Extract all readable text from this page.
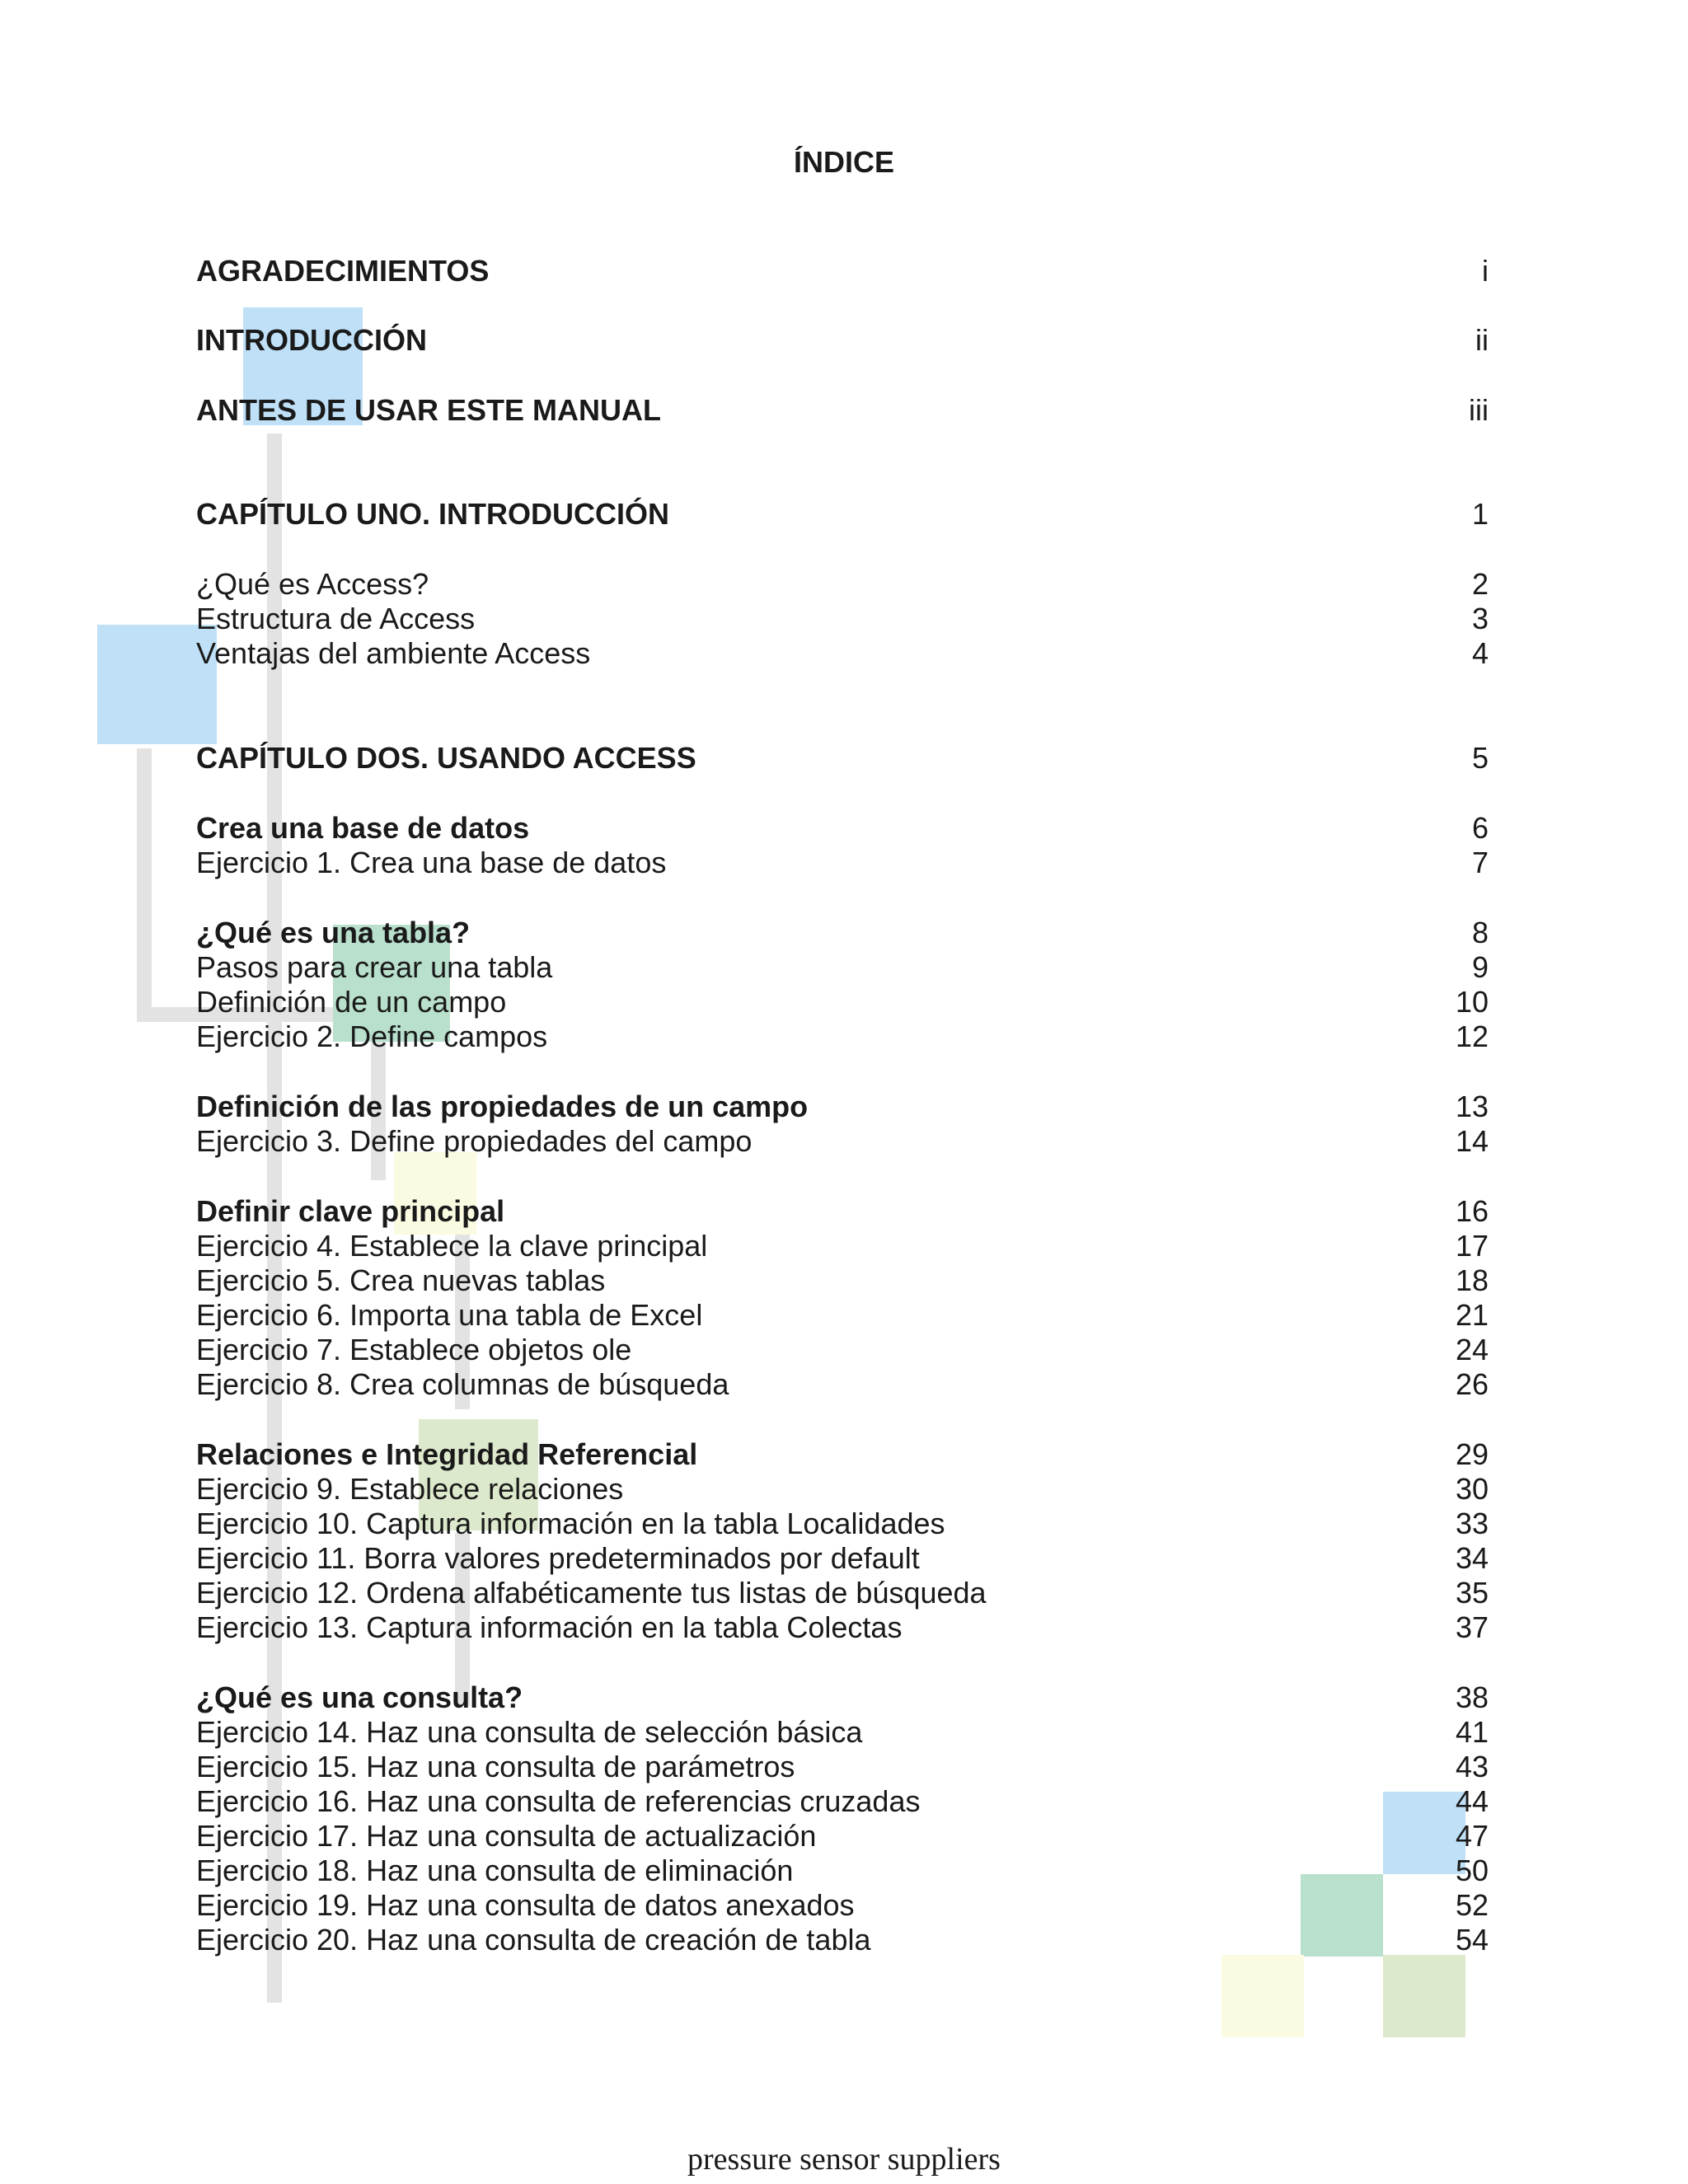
ÍNDICE
AGRADECIMIENTOS	i
INTRODUCCIÓN	ii
ANTES DE USAR ESTE MANUAL	iii
CAPÍTULO UNO. INTRODUCCIÓN	1
¿Qué es Access?	2
Estructura de Access	3
Ventajas del ambiente Access	4
CAPÍTULO DOS. USANDO ACCESS	5
Crea una base de datos	6
Ejercicio 1. Crea una base de datos	7
¿Qué es una tabla?	8
Pasos para crear una tabla	9
Definición de un campo	10
Ejercicio 2. Define campos	12
Definición de las propiedades de un campo	13
Ejercicio 3. Define propiedades del campo	14
Definir clave principal	16
Ejercicio 4. Establece la clave principal	17
Ejercicio 5. Crea nuevas tablas	18
Ejercicio 6. Importa una tabla de Excel	21
Ejercicio 7. Establece objetos ole	24
Ejercicio 8. Crea columnas de búsqueda	26
Relaciones e Integridad Referencial	29
Ejercicio 9. Establece relaciones	30
Ejercicio 10. Captura información en la tabla Localidades	33
Ejercicio 11. Borra valores predeterminados por default	34
Ejercicio 12. Ordena alfabéticamente tus listas de búsqueda	35
Ejercicio 13. Captura información en la tabla Colectas	37
¿Qué es una consulta?	38
Ejercicio 14. Haz una consulta de selección básica	41
Ejercicio 15. Haz una consulta de parámetros	43
Ejercicio 16. Haz una consulta de referencias cruzadas	44
Ejercicio 17. Haz una consulta de actualización	47
Ejercicio 18. Haz una consulta de eliminación	50
Ejercicio 19. Haz una consulta de datos anexados	52
Ejercicio 20. Haz una consulta de creación de tabla	54
pressure sensor suppliers
